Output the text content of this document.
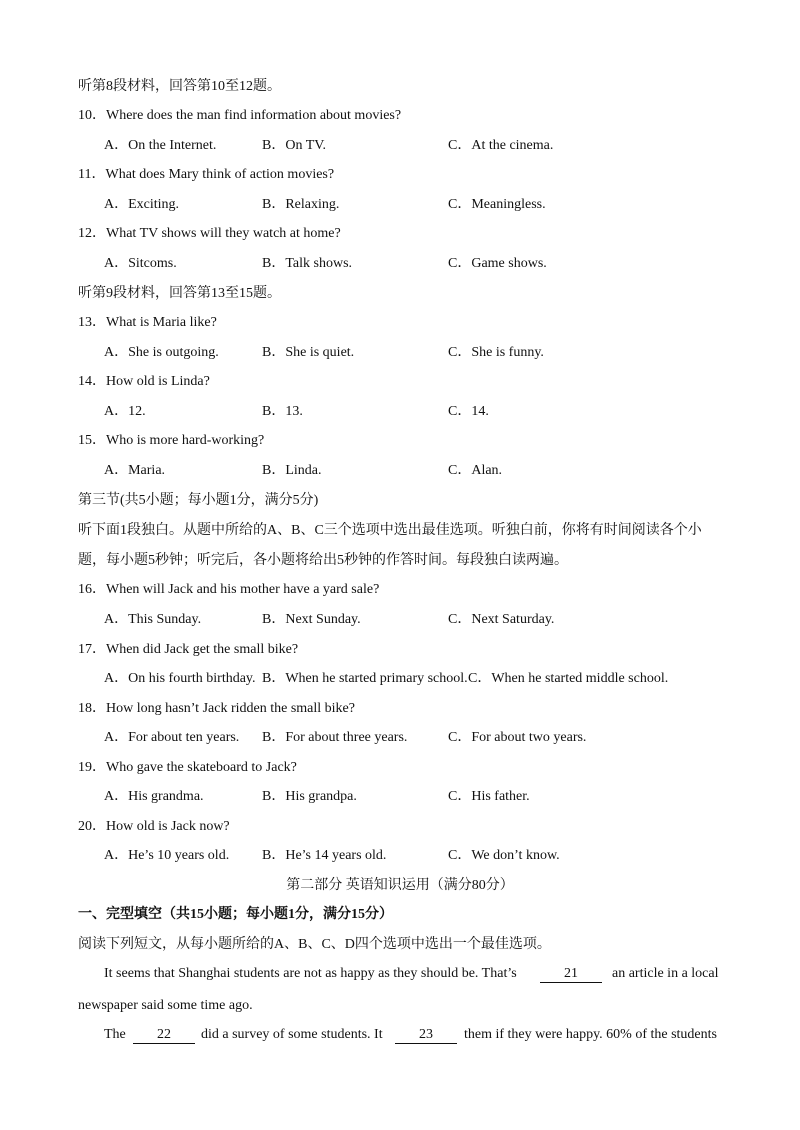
听第8段材料，回答第10至12题。
10．Where does the man find information about movies?
A．On the Internet.	B．On TV.	C．At the cinema.
11．What does Mary think of action movies?
A．Exciting.	B．Relaxing.	C．Meaningless.
12．What TV shows will they watch at home?
A．Sitcoms.	B．Talk shows.	C．Game shows.
听第9段材料，回答第13至15题。
13．What is Maria like?
A．She is outgoing.	B．She is quiet.	C．She is funny.
14．How old is Linda?
A．12.	B．13.	C．14.
15．Who is more hard-working?
A．Maria.	B．Linda.	C．Alan.
第三节(共5小题；每小题1分，满分5分)
听下面1段独白。从题中所给的A、B、C三个选项中选出最佳选项。听独白前，你将有时间阅读各个小
题，每小题5秒钟；听完后，各小题将给出5秒钟的作答时间。每段独白读两遍。
16．When will Jack and his mother have a yard sale?
A．This Sunday.	B．Next Sunday.	C．Next Saturday.
17．When did Jack get the small bike?
A．On his fourth birthday. B．When he started primary school. C．When he started middle school.
18．How long hasn’t Jack ridden the small bike?
A．For about ten years. B．For about three years.	C．For about two years.
19．Who gave the skateboard to Jack?
A．His grandma.	B．His grandpa.	C．His father.
20．How old is Jack now?
A．He’s 10 years old. B．He’s 14 years old.	C．We don’t know.
第二部分 英语知识运用（满分80分）
一、完型填空（共15小题；每小题1分，满分15分）
阅读下列短文，从每小题所给的A、B、C、D四个选项中选出一个最佳选项。
It seems that Shanghai students are not as happy as they should be. That’s	21	an article in a local
newspaper said some time ago.
The	22	did a survey of some students. It	23	them if they were happy. 60% of the students
